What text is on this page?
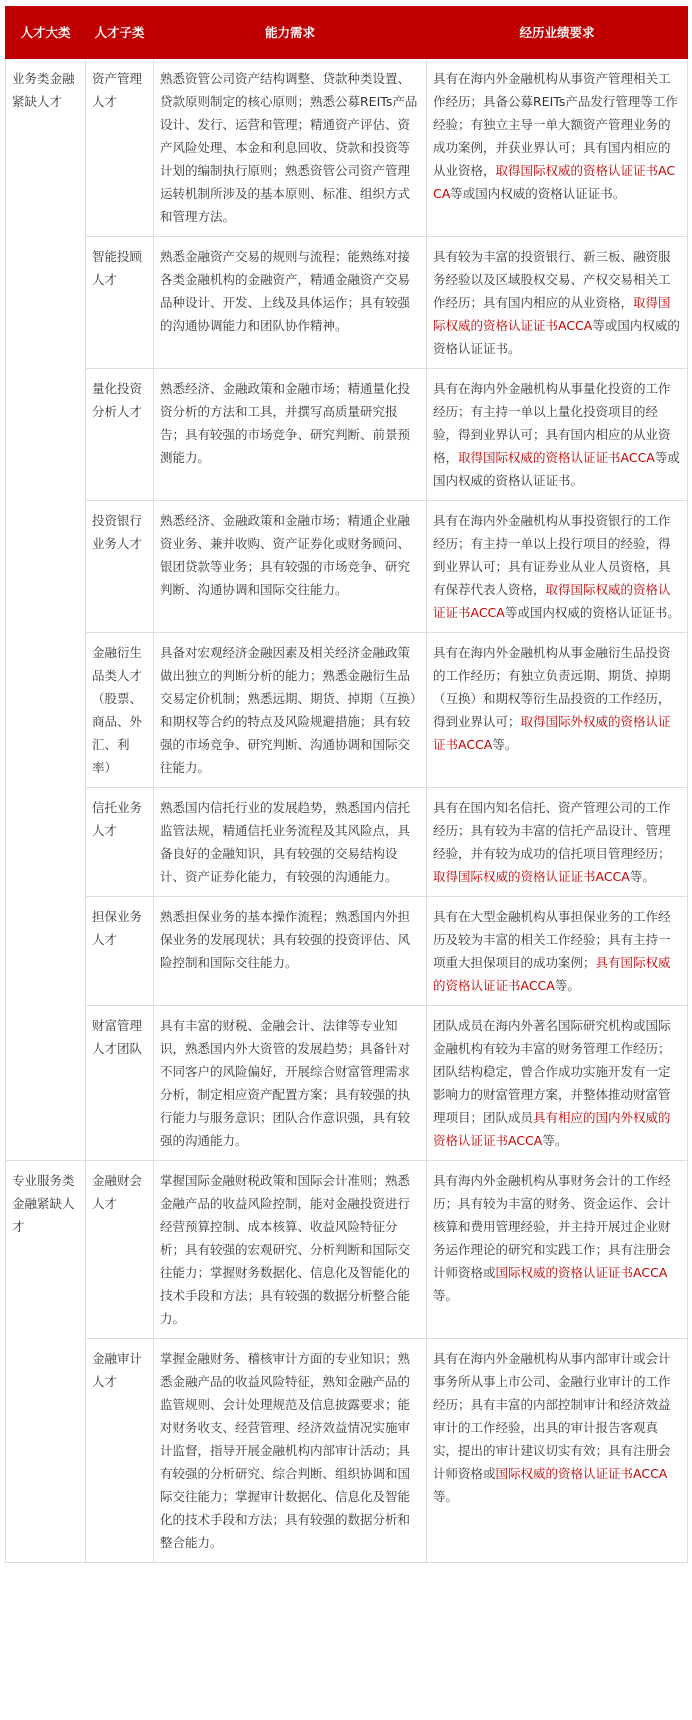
人才大类	人才子类	能力需求	经历业绩要求
业务类金融紧缺人才	资产管理人才	熟悉资管公司资产结构调整、贷款种类设置、贷款原则制定的核心原则；熟悉公募REITs产品设计、发行、运营和管理；精通资产评估、资产风险处理、本金和利息回收、贷款和投资等计划的编制执行原则；熟悉资管公司资产管理运转机制所涉及的基本原则、标准、组织方式和管理方法。	具有在海内外金融机构从事资产管理相关工作经历；具备公募REITs产品发行管理等工作经验；有独立主导一单大额资产管理业务的成功案例，并获业界认可；具有国内相应的从业资格，取得国际权威的资格认证证书ACCA等或国内权威的资格认证证书。
	智能投顾人才	熟悉金融资产交易的规则与流程；能熟练对接各类金融机构的金融资产，精通金融资产交易品种设计、开发、上线及具体运作；具有较强的沟通协调能力和团队协作精神。	具有较为丰富的投资银行、新三板、融资服务经验以及区域股权交易、产权交易相关工作经历；具有国内相应的从业资格，取得国际权威的资格认证证书ACCA等或国内权威的资格认证证书。
	量化投资分析人才	熟悉经济、金融政策和金融市场；精通量化投资分析的方法和工具，并撰写高质量研究报告；具有较强的市场竞争、研究判断、前景预测能力。	具有在海内外金融机构从事量化投资的工作经历；有主持一单以上量化投资项目的经验，得到业界认可；具有国内相应的从业资格，取得国际权威的资格认证证书ACCA等或国内权威的资格认证证书。
	投资银行业务人才	熟悉经济、金融政策和金融市场；精通企业融资业务、兼并收购、资产证券化或财务顾问、银团贷款等业务；具有较强的市场竞争、研究判断、沟通协调和国际交往能力。	具有在海内外金融机构从事投资银行的工作经历；有主持一单以上投行项目的经验，得到业界认可；具有证券业从业人员资格，具有保荐代表人资格，取得国际权威的资格认证证书ACCA等或国内权威的资格认证证书。
	金融衍生品类人才（股票、商品、外汇、利率）	具备对宏观经济金融因素及相关经济金融政策做出独立的判断分析的能力；熟悉金融衍生品交易定价机制；熟悉远期、期货、掉期（互换）和期权等合约的特点及风险规避措施；具有较强的市场竞争、研究判断、沟通协调和国际交往能力。	具有在海内外金融机构从事金融衍生品投资的工作经历；有独立负责远期、期货、掉期（互换）和期权等衍生品投资的工作经历，得到业界认可；取得国际外权威的资格认证证书ACCA等。
	信托业务人才	熟悉国内信托行业的发展趋势，熟悉国内信托监管法规，精通信托业务流程及其风险点，具备良好的金融知识，具有较强的交易结构设计、资产证券化能力，有较强的沟通能力。	具有在国内知名信托、资产管理公司的工作经历；具有较为丰富的信托产品设计、管理经验，并有较为成功的信托项目管理经历；取得国际权威的资格认证证书ACCA等。
	担保业务人才	熟悉担保业务的基本操作流程；熟悉国内外担保业务的发展现状；具有较强的投资评估、风险控制和国际交往能力。	具有在大型金融机构从事担保业务的工作经历及较为丰富的相关工作经验；具有主持一项重大担保项目的成功案例；具有国际权威的资格认证证书ACCA等。
	财富管理人才团队	具有丰富的财税、金融会计、法律等专业知识，熟悉国内外大资管的发展趋势；具备针对不同客户的风险偏好，开展综合财富管理需求分析，制定相应资产配置方案；具有较强的执行能力与服务意识；团队合作意识强，具有较强的沟通能力。	团队成员在海内外著名国际研究机构或国际金融机构有较为丰富的财务管理工作经历；团队结构稳定，曾合作成功实施开发有一定影响力的财富管理方案，并整体推动财富管理项目；团队成员具有相应的国内外权威的资格认证证书ACCA等。
专业服务类金融紧缺人才	金融财会人才	掌握国际金融财税政策和国际会计准则；熟悉金融产品的收益风险控制，能对金融投资进行经营预算控制、成本核算、收益风险特征分析；具有较强的宏观研究、分析判断和国际交往能力；掌握财务数据化、信息化及智能化的技术手段和方法；具有较强的数据分析整合能力。	具有海内外金融机构从事财务会计的工作经历；具有较为丰富的财务、资金运作、会计核算和费用管理经验，并主持开展过企业财务运作理论的研究和实践工作；具有注册会计师资格或国际权威的资格认证证书ACCA等。
	金融审计人才	掌握金融财务、稽核审计方面的专业知识；熟悉金融产品的收益风险特征，熟知金融产品的监管规则、会计处理规范及信息披露要求；能对财务收支、经营管理、经济效益情况实施审计监督，指导开展金融机构内部审计活动；具有较强的分析研究、综合判断、组织协调和国际交往能力；掌握审计数据化、信息化及智能化的技术手段和方法；具有较强的数据分析和整合能力。	具有在海内外金融机构从事内部审计或会计事务所从事上市公司、金融行业审计的工作经历；具有丰富的内部控制审计和经济效益审计的工作经验，出具的审计报告客观真实，提出的审计建议切实有效；具有注册会计师资格或国际权威的资格认证证书ACCA等。
